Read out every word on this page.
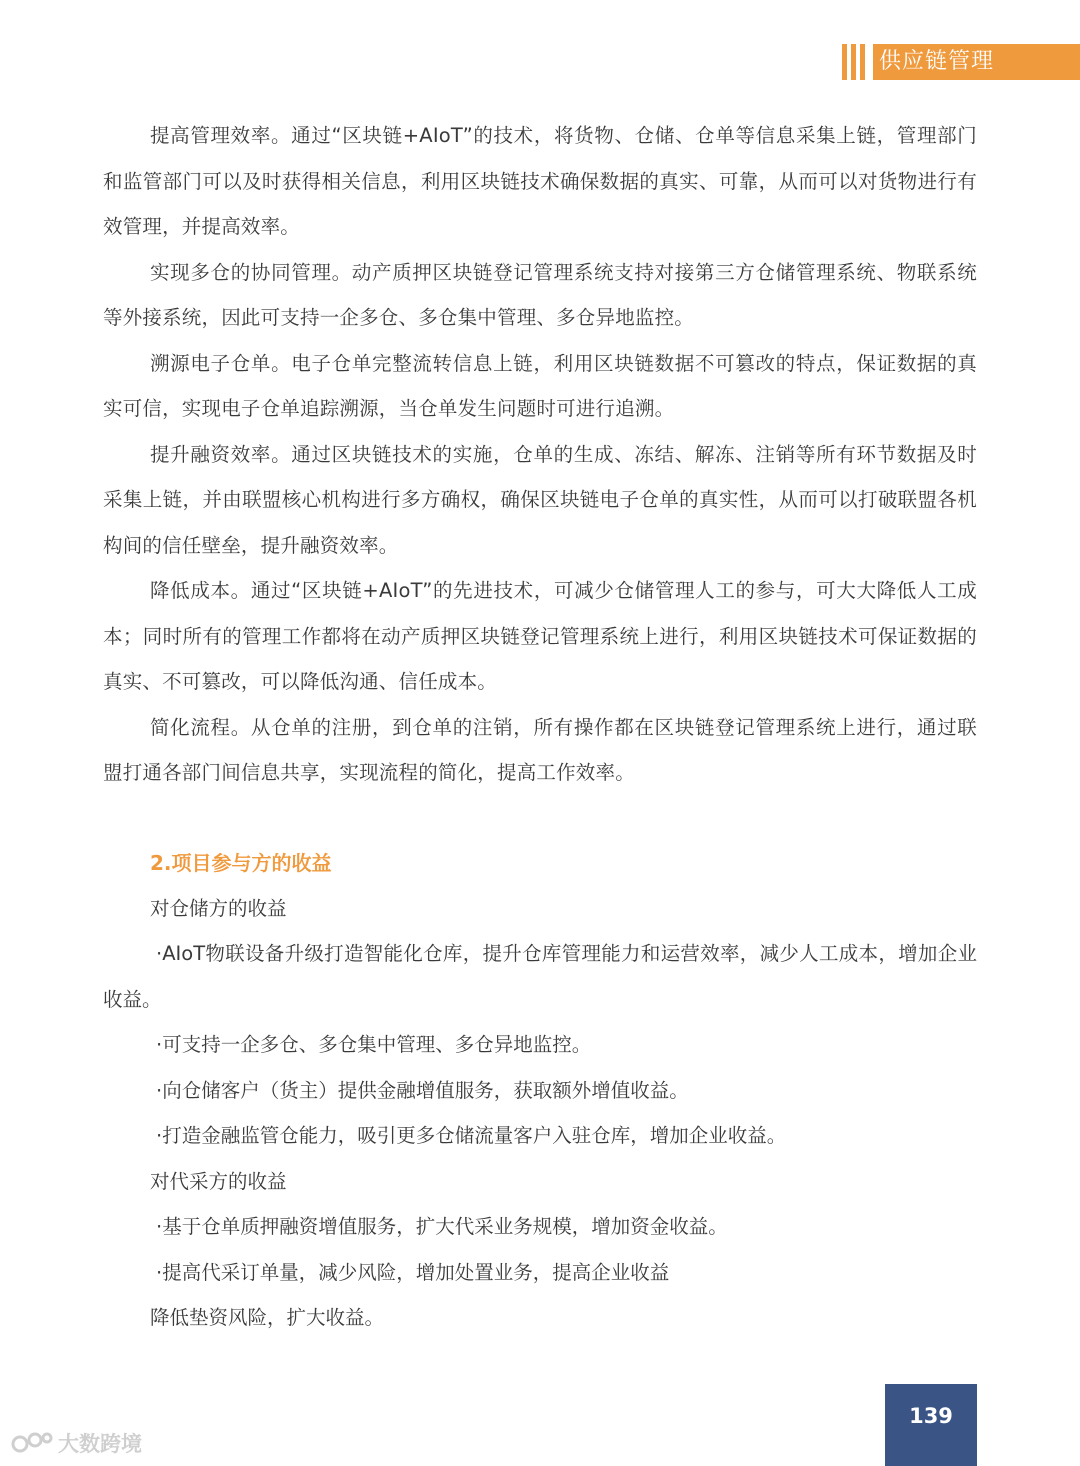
供应链管理

提高管理效率。通过“区块链+AIoT”的技术，将货物、仓储、仓单等信息采集上链，管理部门和监管部门可以及时获得相关信息，利用区块链技术确保数据的真实、可靠，从而可以对货物进行有效管理，并提高效率。

实现多仓的协同管理。动产质押区块链登记管理系统支持对接第三方仓储管理系统、物联系统等外接系统，因此可支持一企多仓、多仓集中管理、多仓异地监控。

溯源电子仓单。电子仓单完整流转信息上链，利用区块链数据不可篡改的特点，保证数据的真实可信，实现电子仓单追踪溯源，当仓单发生问题时可进行追溯。

提升融资效率。通过区块链技术的实施，仓单的生成、冻结、解冻、注销等所有环节数据及时采集上链，并由联盟核心机构进行多方确权，确保区块链电子仓单的真实性，从而可以打破联盟各机构间的信任壁垒，提升融资效率。

降低成本。通过“区块链+AIoT”的先进技术，可减少仓储管理人工的参与，可大大降低人工成本；同时所有的管理工作都将在动产质押区块链登记管理系统上进行，利用区块链技术可保证数据的真实、不可篡改，可以降低沟通、信任成本。

简化流程。从仓单的注册，到仓单的注销，所有操作都在区块链登记管理系统上进行，通过联盟打通各部门间信息共享，实现流程的简化，提高工作效率。

2.项目参与方的收益

对仓储方的收益

·AIoT物联设备升级打造智能化仓库，提升仓库管理能力和运营效率，减少人工成本，增加企业收益。

·可支持一企多仓、多仓集中管理、多仓异地监控。

·向仓储客户（货主）提供金融增值服务，获取额外增值收益。

·打造金融监管仓能力，吸引更多仓储流量客户入驻仓库，增加企业收益。

对代采方的收益

·基于仓单质押融资增值服务，扩大代采业务规模，增加资金收益。

·提高代采订单量，减少风险，增加处置业务，提高企业收益

降低垫资风险，扩大收益。

139
大数跨境
